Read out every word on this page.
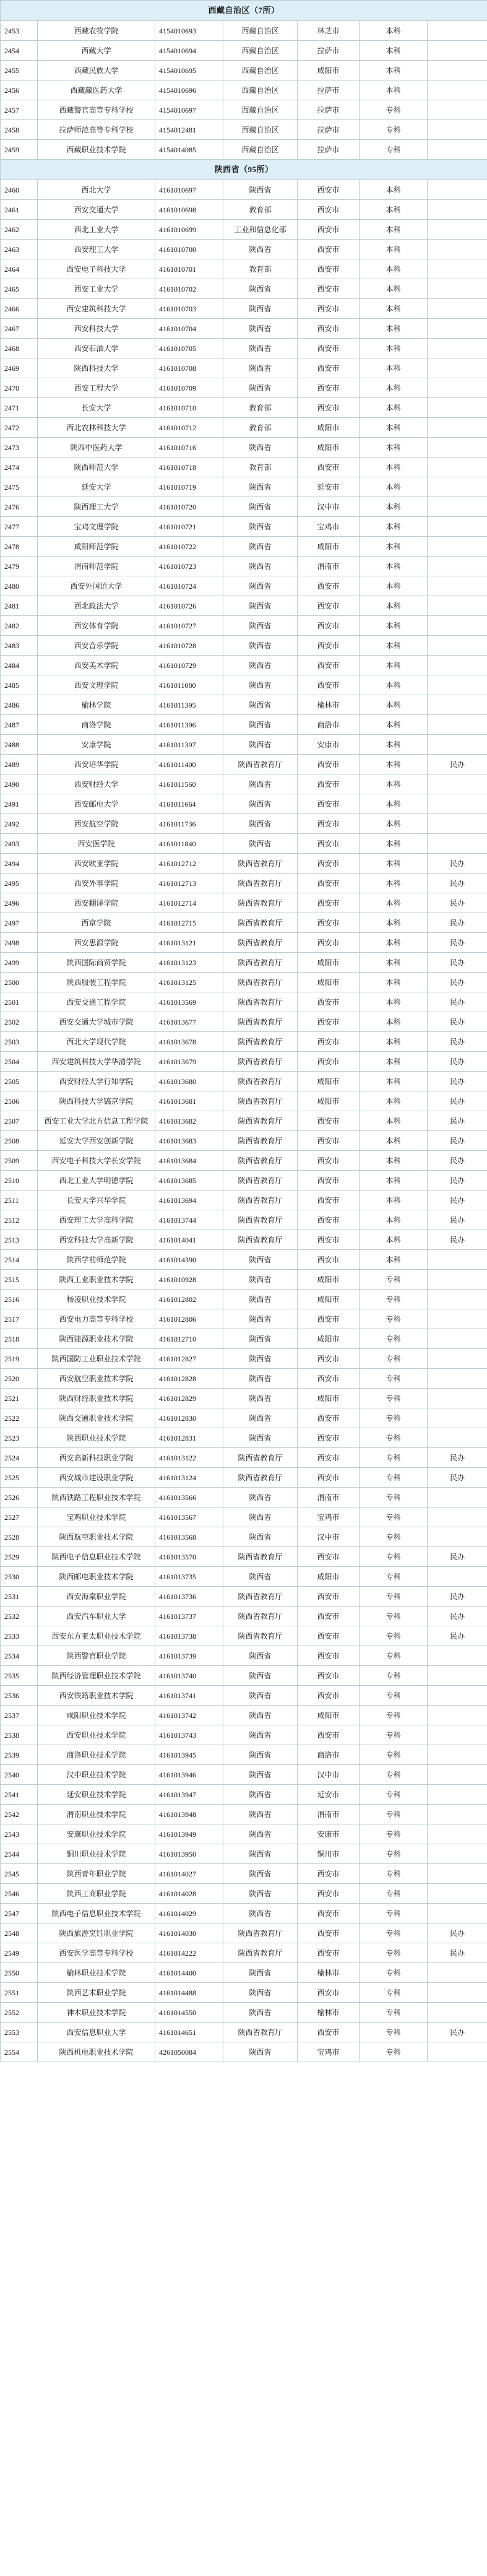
西藏自治区（7所）						
2453	西藏农牧学院	4154010693	西藏自治区	林芝市	本科	
2454	西藏大学	4154010694	西藏自治区	拉萨市	本科	
2455	西藏民族大学	4154010695	西藏自治区	咸阳市	本科	
2456	西藏藏医药大学	4154010696	西藏自治区	拉萨市	本科	
2457	西藏警官高等专科学校	4154010697	西藏自治区	拉萨市	专科	
2458	拉萨师范高等专科学校	4154012481	西藏自治区	拉萨市	专科	
2459	西藏职业技术学院	4154014085	西藏自治区	拉萨市	专科	
陕西省（95所）						
2460	西北大学	4161010697	陕西省	西安市	本科	
2461	西安交通大学	4161010698	教育部	西安市	本科	
2462	西北工业大学	4161010699	工业和信息化部	西安市	本科	
2463	西安理工大学	4161010700	陕西省	西安市	本科	
2464	西安电子科技大学	4161010701	教育部	西安市	本科	
2465	西安工业大学	4161010702	陕西省	西安市	本科	
2466	西安建筑科技大学	4161010703	陕西省	西安市	本科	
2467	西安科技大学	4161010704	陕西省	西安市	本科	
2468	西安石油大学	4161010705	陕西省	西安市	本科	
2469	陕西科技大学	4161010708	陕西省	西安市	本科	
2470	西安工程大学	4161010709	陕西省	西安市	本科	
2471	长安大学	4161010710	教育部	西安市	本科	
2472	西北农林科技大学	4161010712	教育部	咸阳市	本科	
2473	陕西中医药大学	4161010716	陕西省	咸阳市	本科	
2474	陕西师范大学	4161010718	教育部	西安市	本科	
2475	延安大学	4161010719	陕西省	延安市	本科	
2476	陕西理工大学	4161010720	陕西省	汉中市	本科	
2477	宝鸡文理学院	4161010721	陕西省	宝鸡市	本科	
2478	咸阳师范学院	4161010722	陕西省	咸阳市	本科	
2479	渭南师范学院	4161010723	陕西省	渭南市	本科	
2480	西安外国语大学	4161010724	陕西省	西安市	本科	
2481	西北政法大学	4161010726	陕西省	西安市	本科	
2482	西安体育学院	4161010727	陕西省	西安市	本科	
2483	西安音乐学院	4161010728	陕西省	西安市	本科	
2484	西安美术学院	4161010729	陕西省	西安市	本科	
2485	西安文理学院	4161011080	陕西省	西安市	本科	
2486	榆林学院	4161011395	陕西省	榆林市	本科	
2487	商洛学院	4161011396	陕西省	商洛市	本科	
2488	安康学院	4161011397	陕西省	安康市	本科	
2489	西安培华学院	4161011400	陕西省教育厅	西安市	本科	民办
2490	西安财经大学	4161011560	陕西省	西安市	本科	
2491	西安邮电大学	4161011664	陕西省	西安市	本科	
2492	西安航空学院	4161011736	陕西省	西安市	本科	
2493	西安医学院	4161011840	陕西省	西安市	本科	
2494	西安欧亚学院	4161012712	陕西省教育厅	西安市	本科	民办
2495	西安外事学院	4161012713	陕西省教育厅	西安市	本科	民办
2496	西安翻译学院	4161012714	陕西省教育厅	西安市	本科	民办
2497	西京学院	4161012715	陕西省教育厅	西安市	本科	民办
2498	西安思源学院	4161013121	陕西省教育厅	西安市	本科	民办
2499	陕西国际商贸学院	4161013123	陕西省教育厅	咸阳市	本科	民办
2500	陕西服装工程学院	4161013125	陕西省教育厅	咸阳市	本科	民办
2501	西安交通工程学院	4161013569	陕西省教育厅	西安市	本科	民办
2502	西安交通大学城市学院	4161013677	陕西省教育厅	西安市	本科	民办
2503	西北大学现代学院	4161013678	陕西省教育厅	西安市	本科	民办
2504	西安建筑科技大学华清学院	4161013679	陕西省教育厅	西安市	本科	民办
2505	西安财经大学行知学院	4161013680	陕西省教育厅	咸阳市	本科	民办
2506	陕西科技大学镐京学院	4161013681	陕西省教育厅	咸阳市	本科	民办
2507	西安工业大学北方信息工程学院	4161013682	陕西省教育厅	西安市	本科	民办
2508	延安大学西安创新学院	4161013683	陕西省教育厅	西安市	本科	民办
2509	西安电子科技大学长安学院	4161013684	陕西省教育厅	西安市	本科	民办
2510	西北工业大学明德学院	4161013685	陕西省教育厅	西安市	本科	民办
2511	长安大学兴华学院	4161013694	陕西省教育厅	西安市	本科	民办
2512	西安理工大学高科学院	4161013744	陕西省教育厅	西安市	本科	民办
2513	西安科技大学高新学院	4161014041	陕西省教育厅	西安市	本科	民办
2514	陕西学前师范学院	4161014390	陕西省	西安市	本科	
2515	陕西工业职业技术学院	4161010928	陕西省	咸阳市	专科	
2516	杨凌职业技术学院	4161012802	陕西省	咸阳市	专科	
2517	西安电力高等专科学校	4161012806	陕西省	西安市	专科	
2518	陕西能源职业技术学院	4161012710	陕西省	咸阳市	专科	
2519	陕西国防工业职业技术学院	4161012827	陕西省	西安市	专科	
2520	西安航空职业技术学院	4161012828	陕西省	西安市	专科	
2521	陕西财经职业技术学院	4161012829	陕西省	咸阳市	专科	
2522	陕西交通职业技术学院	4161012830	陕西省	西安市	专科	
2523	陕西职业技术学院	4161012831	陕西省	西安市	专科	
2524	西安高新科技职业学院	4161013122	陕西省教育厅	西安市	专科	民办
2525	西安城市建设职业学院	4161013124	陕西省教育厅	西安市	专科	民办
2526	陕西铁路工程职业技术学院	4161013566	陕西省	渭南市	专科	
2527	宝鸡职业技术学院	4161013567	陕西省	宝鸡市	专科	
2528	陕西航空职业技术学院	4161013568	陕西省	汉中市	专科	
2529	陕西电子信息职业技术学院	4161013570	陕西省教育厅	西安市	专科	民办
2530	陕西邮电职业技术学院	4161013735	陕西省	咸阳市	专科	
2531	西安海棠职业学院	4161013736	陕西省教育厅	西安市	专科	民办
2532	西安汽车职业大学	4161013737	陕西省教育厅	西安市	专科	民办
2533	西安东方亚太职业技术学院	4161013738	陕西省教育厅	西安市	专科	民办
2534	陕西警官职业学院	4161013739	陕西省	西安市	专科	
2535	陕西经济管理职业技术学院	4161013740	陕西省	西安市	专科	
2536	西安铁路职业技术学院	4161013741	陕西省	西安市	专科	
2537	咸阳职业技术学院	4161013742	陕西省	咸阳市	专科	
2538	西安职业技术学院	4161013743	陕西省	西安市	专科	
2539	商洛职业技术学院	4161013945	陕西省	商洛市	专科	
2540	汉中职业技术学院	4161013946	陕西省	汉中市	专科	
2541	延安职业技术学院	4161013947	陕西省	延安市	专科	
2542	渭南职业技术学院	4161013948	陕西省	渭南市	专科	
2543	安康职业技术学院	4161013949	陕西省	安康市	专科	
2544	铜川职业技术学院	4161013950	陕西省	铜川市	专科	
2545	陕西青年职业学院	4161014027	陕西省	西安市	专科	
2546	陕西工商职业学院	4161014028	陕西省	西安市	专科	
2547	陕西电子信息职业技术学院	4161014029	陕西省	西安市	专科	
2548	陕西旅游烹饪职业学院	4161014030	陕西省教育厅	西安市	专科	民办
2549	西安医学高等专科学校	4161014222	陕西省教育厅	西安市	专科	民办
2550	榆林职业技术学院	4161014400	陕西省	榆林市	专科	
2551	陕西艺术职业学院	4161014488	陕西省	西安市	专科	
2552	神木职业技术学院	4161014550	陕西省	榆林市	专科	
2553	西安信息职业大学	4161014651	陕西省教育厅	西安市	专科	民办
2554	陕西机电职业技术学院	4261050084	陕西省	宝鸡市	专科	
